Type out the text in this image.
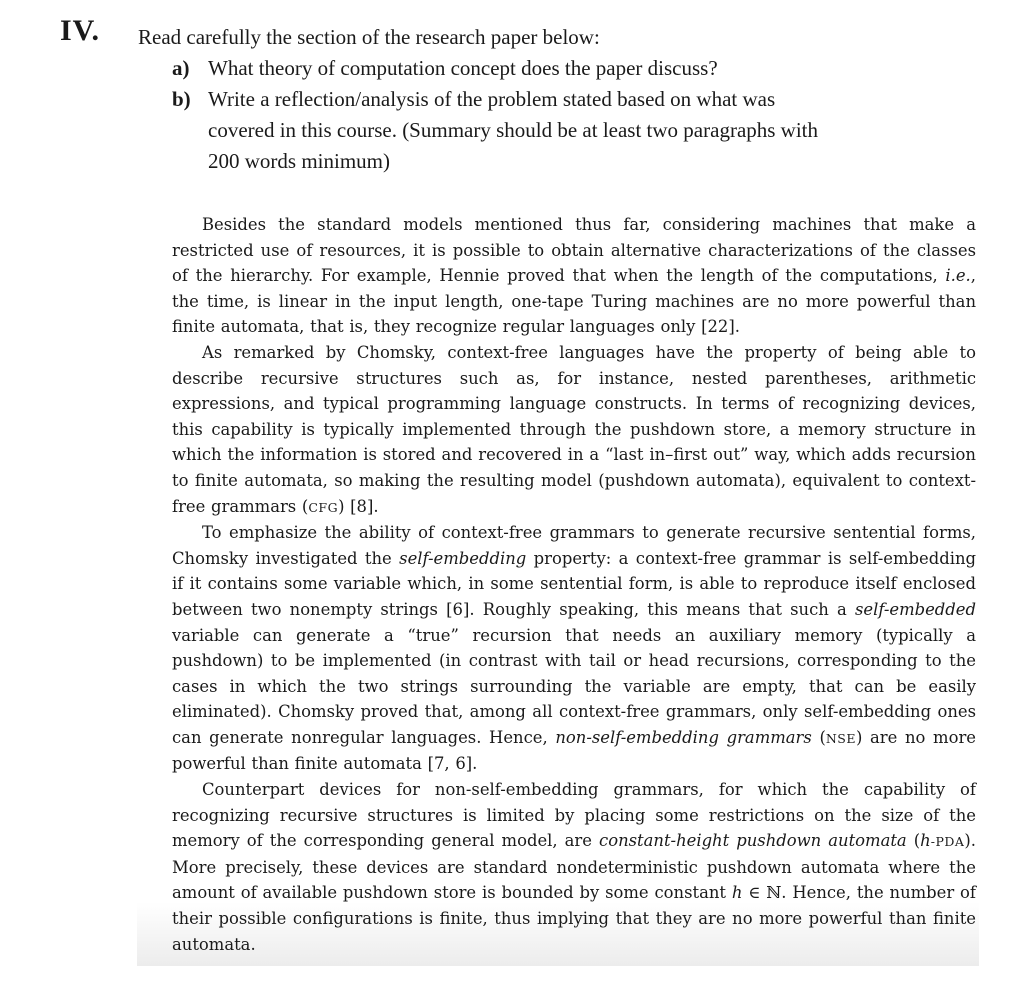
IV. Read carefully the section of the research paper below:
a) What theory of computation concept does the paper discuss?
b) Write a reflection/analysis of the problem stated based on what was
covered in this course. (Summary should be at least two paragraphs with
200 words minimum)

Besides the standard models mentioned thus far, considering machines that make a restricted use of resources, it is possible to obtain alternative characterizations of the classes of the hierarchy. For example, Hennie proved that when the length of the computations, i.e., the time, is linear in the input length, one-tape Turing machines are no more powerful than finite automata, that is, they recognize regular languages only [22].

As remarked by Chomsky, context-free languages have the property of being able to describe recursive structures such as, for instance, nested parentheses, arithmetic expressions, and typical programming language constructs. In terms of recognizing devices, this capability is typically implemented through the pushdown store, a memory structure in which the information is stored and recovered in a “last in–first out” way, which adds recursion to finite automata, so making the resulting model (pushdown automata), equivalent to context-free grammars (CFG) [8].

To emphasize the ability of context-free grammars to generate recursive sentential forms, Chomsky investigated the self-embedding property: a context-free grammar is self-embedding if it contains some variable which, in some sentential form, is able to reproduce itself enclosed between two nonempty strings [6]. Roughly speaking, this means that such a self-embedded variable can generate a “true” recursion that needs an auxiliary memory (typically a pushdown) to be implemented (in contrast with tail or head recursions, corresponding to the cases in which the two strings surrounding the variable are empty, that can be easily eliminated). Chomsky proved that, among all context-free grammars, only self-embedding ones can generate nonregular languages. Hence, non-self-embedding grammars (NSE) are no more powerful than finite automata [7, 6].

Counterpart devices for non-self-embedding grammars, for which the capability of recognizing recursive structures is limited by placing some restrictions on the size of the memory of the corresponding general model, are constant-height pushdown automata (h-PDA). More precisely, these devices are standard nondeterministic pushdown automata where the amount of available pushdown store is bounded by some constant h ∈ ℕ. Hence, the number of their possible configurations is finite, thus implying that they are no more powerful than finite automata.
